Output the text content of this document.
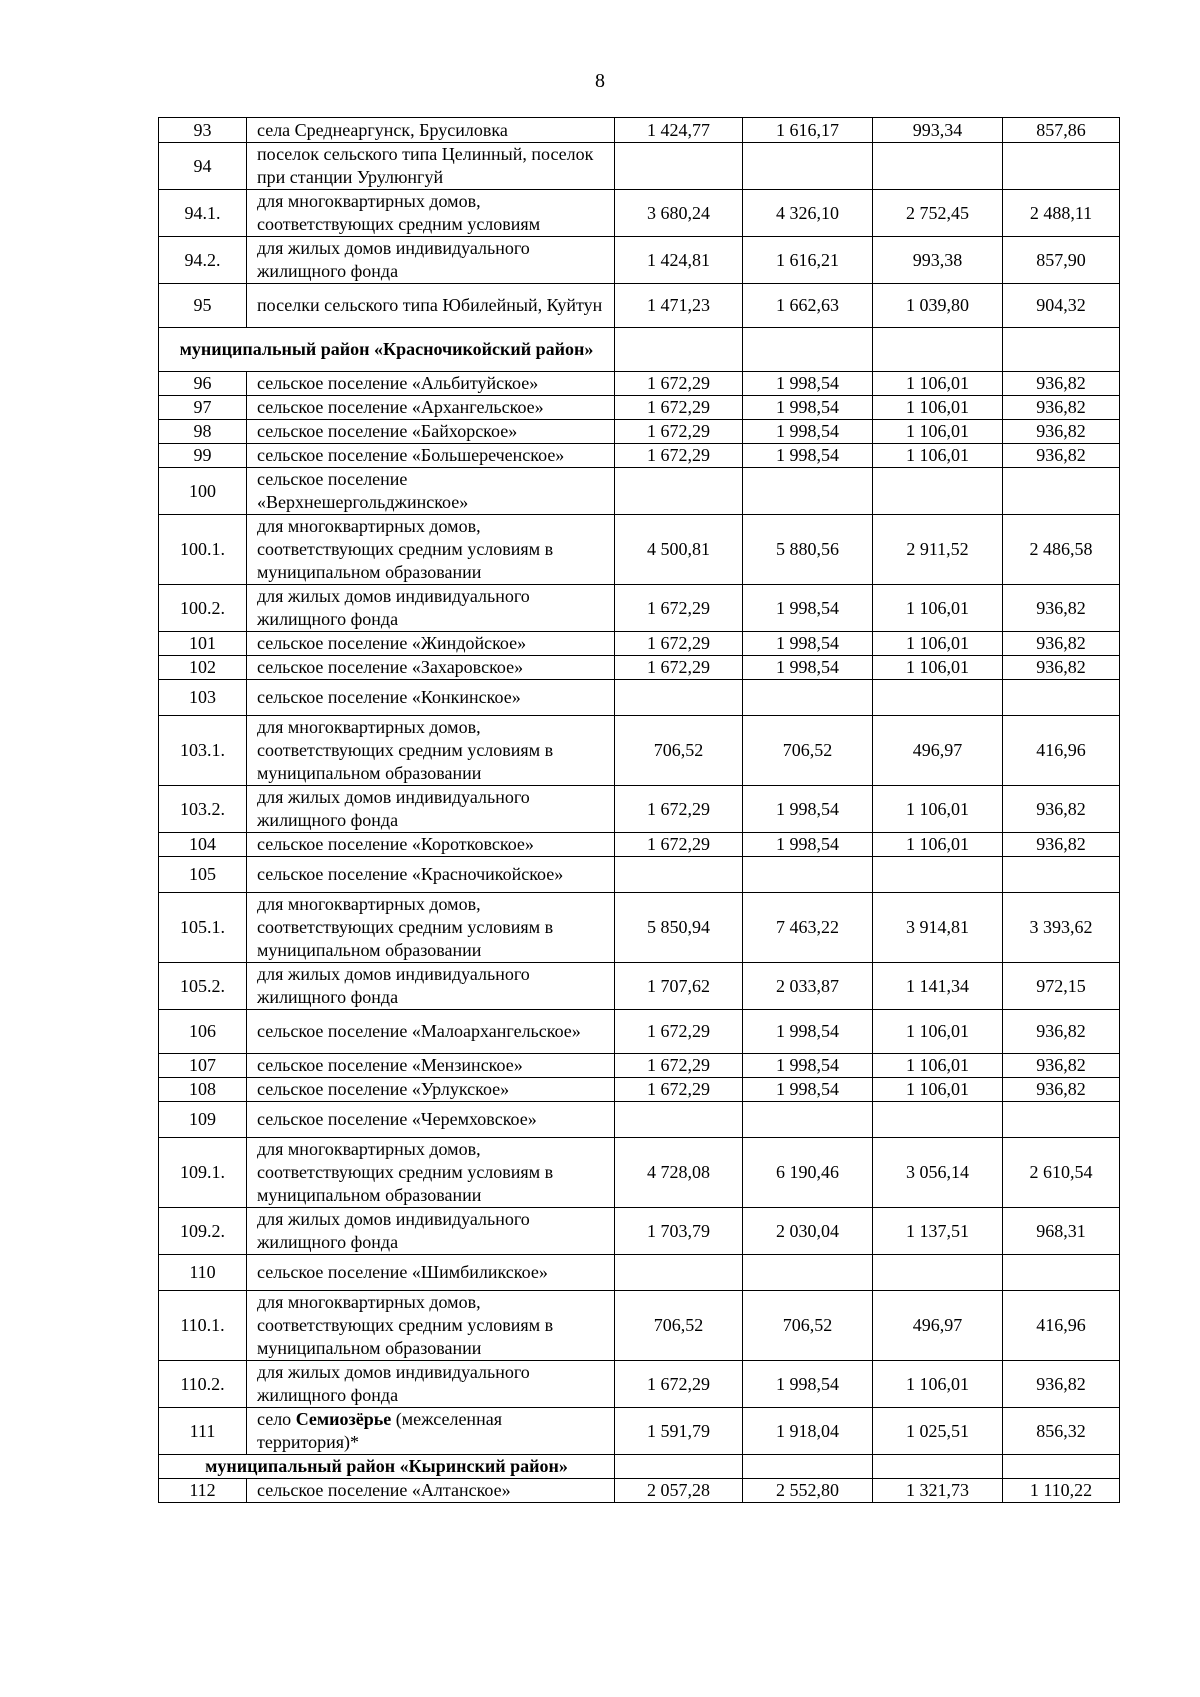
8
93	села Среднеаргунск, Брусиловка	1 424,77	1 616,17	993,34	857,86
94	поселок сельского типа Целинный, поселок при станции Урулюнгуй				
94.1.	для многоквартирных домов, соответствующих средним условиям	3 680,24	4 326,10	2 752,45	2 488,11
94.2.	для жилых домов индивидуального жилищного фонда	1 424,81	1 616,21	993,38	857,90
95	поселки сельского типа Юбилейный, Куйтун	1 471,23	1 662,63	1 039,80	904,32
муниципальный район «Красночикойский район»					
96	сельское поселение «Альбитуйское»	1 672,29	1 998,54	1 106,01	936,82
97	сельское поселение «Архангельское»	1 672,29	1 998,54	1 106,01	936,82
98	сельское поселение «Байхорское»	1 672,29	1 998,54	1 106,01	936,82
99	сельское поселение «Большереченское»	1 672,29	1 998,54	1 106,01	936,82
100	сельское поселение «Верхнешергольджинское»				
100.1.	для многоквартирных домов, соответствующих средним условиям в муниципальном образовании	4 500,81	5 880,56	2 911,52	2 486,58
100.2.	для жилых домов индивидуального жилищного фонда	1 672,29	1 998,54	1 106,01	936,82
101	сельское поселение «Жиндойское»	1 672,29	1 998,54	1 106,01	936,82
102	сельское поселение «Захаровское»	1 672,29	1 998,54	1 106,01	936,82
103	сельское поселение «Конкинское»				
103.1.	для многоквартирных домов, соответствующих средним условиям в муниципальном образовании	706,52	706,52	496,97	416,96
103.2.	для жилых домов индивидуального жилищного фонда	1 672,29	1 998,54	1 106,01	936,82
104	сельское поселение «Коротковское»	1 672,29	1 998,54	1 106,01	936,82
105	сельское поселение «Красночикойское»				
105.1.	для многоквартирных домов, соответствующих средним условиям в муниципальном образовании	5 850,94	7 463,22	3 914,81	3 393,62
105.2.	для жилых домов индивидуального жилищного фонда	1 707,62	2 033,87	1 141,34	972,15
106	сельское поселение «Малоархангельское»	1 672,29	1 998,54	1 106,01	936,82
107	сельское поселение «Мензинское»	1 672,29	1 998,54	1 106,01	936,82
108	сельское поселение «Урлукское»	1 672,29	1 998,54	1 106,01	936,82
109	сельское поселение «Черемховское»				
109.1.	для многоквартирных домов, соответствующих средним условиям в муниципальном образовании	4 728,08	6 190,46	3 056,14	2 610,54
109.2.	для жилых домов индивидуального жилищного фонда	1 703,79	2 030,04	1 137,51	968,31
110	сельское поселение «Шимбиликское»				
110.1.	для многоквартирных домов, соответствующих средним условиям в муниципальном образовании	706,52	706,52	496,97	416,96
110.2.	для жилых домов индивидуального жилищного фонда	1 672,29	1 998,54	1 106,01	936,82
111	село Семиозёрье (межселенная территория)*	1 591,79	1 918,04	1 025,51	856,32
муниципальный район «Кыринский район»					
112	сельское поселение «Алтанское»	2 057,28	2 552,80	1 321,73	1 110,22
